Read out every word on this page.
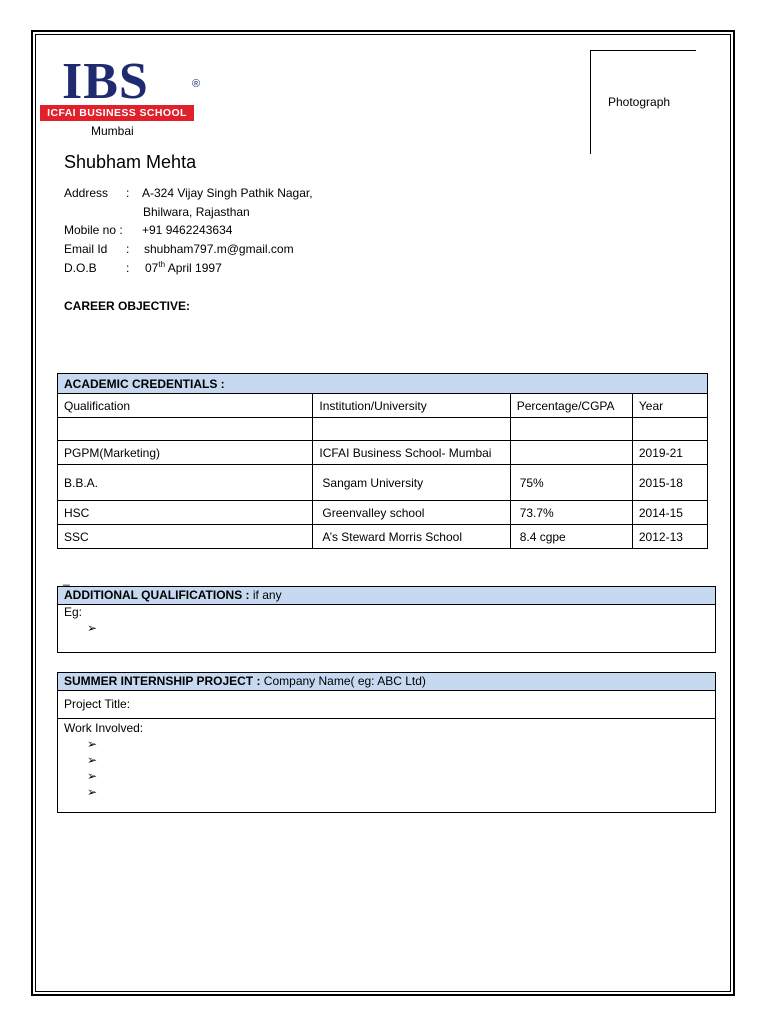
IBS	®
ICFAI BUSINESS SCHOOL
Mumbai
Photograph
Shubham Mehta
Address : A-324 Vijay Singh Pathik Nagar,
Bhilwara, Rajasthan
Mobile no : +91 9462243634
Email Id : shubham797.m@gmail.com
D.O.B : 07th April 1997
CAREER OBJECTIVE:
ACADEMIC CREDENTIALS :			
Qualification	Institution/University	Percentage/CGPA	Year

PGPM(Marketing)	ICFAI Business School- Mumbai		2019-21
B.B.A.	Sangam University	75%	2015-18
HSC	Greenvalley school	73.7%	2014-15
SSC	A’s Steward Morris School	8.4 cgpe	2012-13
_
ADDITIONAL QUALIFICATIONS : if any
Eg:
➢
SUMMER INTERNSHIP PROJECT : Company Name( eg: ABC Ltd)
Project Title:
Work Involved:
➢
➢
➢
➢
